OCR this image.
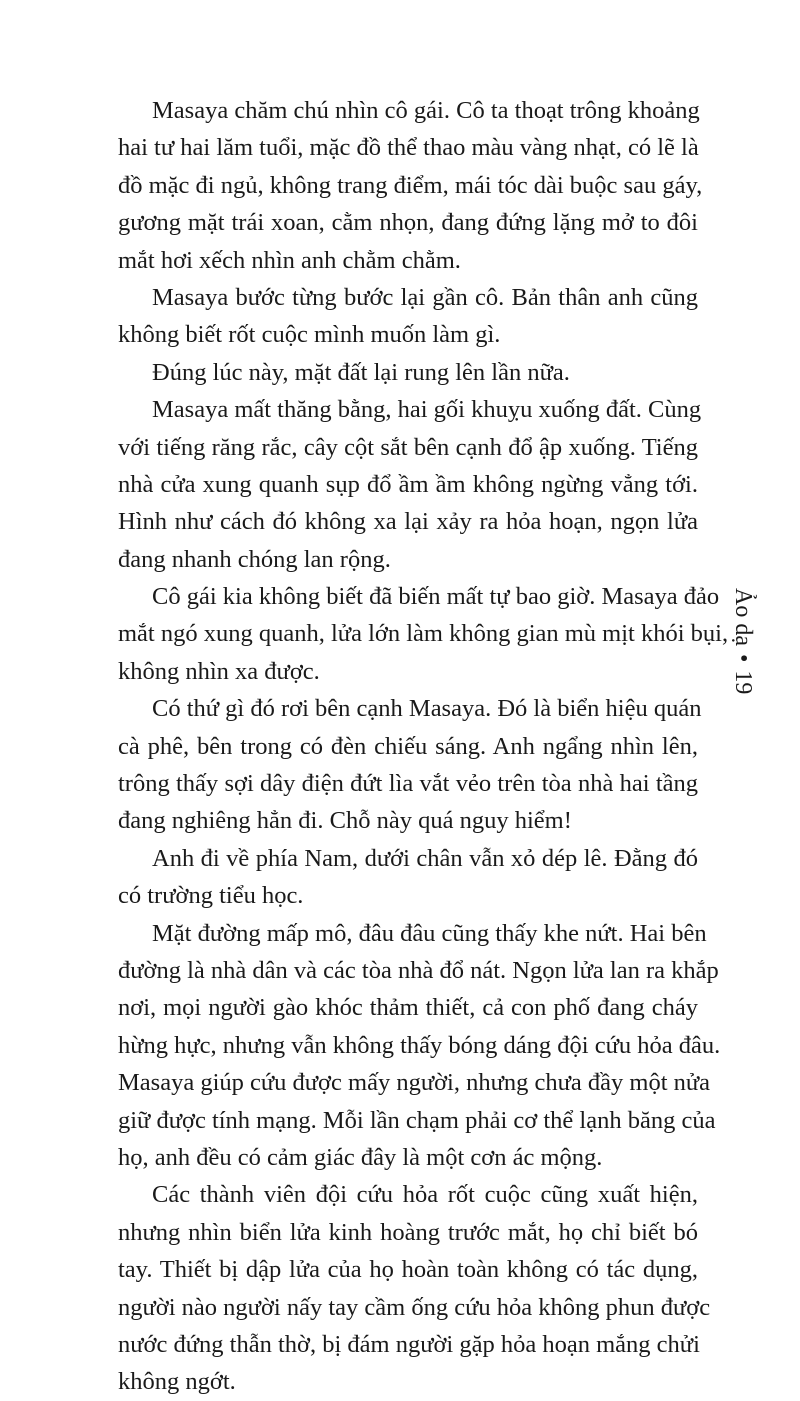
Masaya chăm chú nhìn cô gái. Cô ta thoạt trông khoảng
hai tư hai lăm tuổi, mặc đồ thể thao màu vàng nhạt, có lẽ là
đồ mặc đi ngủ, không trang điểm, mái tóc dài buộc sau gáy,
gương mặt trái xoan, cằm nhọn, đang đứng lặng mở to đôi
mắt hơi xếch nhìn anh chằm chằm.
Masaya bước từng bước lại gần cô. Bản thân anh cũng
không biết rốt cuộc mình muốn làm gì.
Đúng lúc này, mặt đất lại rung lên lần nữa.
Masaya mất thăng bằng, hai gối khuỵu xuống đất. Cùng
với tiếng răng rắc, cây cột sắt bên cạnh đổ ập xuống. Tiếng
nhà cửa xung quanh sụp đổ ầm ầm không ngừng vẳng tới.
Hình như cách đó không xa lại xảy ra hỏa hoạn, ngọn lửa
đang nhanh chóng lan rộng.
Cô gái kia không biết đã biến mất tự bao giờ. Masaya đảo
mắt ngó xung quanh, lửa lớn làm không gian mù mịt khói bụi,
không nhìn xa được.
Có thứ gì đó rơi bên cạnh Masaya. Đó là biển hiệu quán
cà phê, bên trong có đèn chiếu sáng. Anh ngẩng nhìn lên,
trông thấy sợi dây điện đứt lìa vắt vẻo trên tòa nhà hai tầng
đang nghiêng hẳn đi. Chỗ này quá nguy hiểm!
Anh đi về phía Nam, dưới chân vẫn xỏ dép lê. Đằng đó
có trường tiểu học.
Mặt đường mấp mô, đâu đâu cũng thấy khe nứt. Hai bên
đường là nhà dân và các tòa nhà đổ nát. Ngọn lửa lan ra khắp
nơi, mọi người gào khóc thảm thiết, cả con phố đang cháy
hừng hực, nhưng vẫn không thấy bóng dáng đội cứu hỏa đâu.
Masaya giúp cứu được mấy người, nhưng chưa đầy một nửa
giữ được tính mạng. Mỗi lần chạm phải cơ thể lạnh băng của
họ, anh đều có cảm giác đây là một cơn ác mộng.
Các thành viên đội cứu hỏa rốt cuộc cũng xuất hiện,
nhưng nhìn biển lửa kinh hoàng trước mắt, họ chỉ biết bó
tay. Thiết bị dập lửa của họ hoàn toàn không có tác dụng,
người nào người nấy tay cầm ống cứu hỏa không phun được
nước đứng thẫn thờ, bị đám người gặp hỏa hoạn mắng chửi
không ngớt.
Ảo dạ•19
